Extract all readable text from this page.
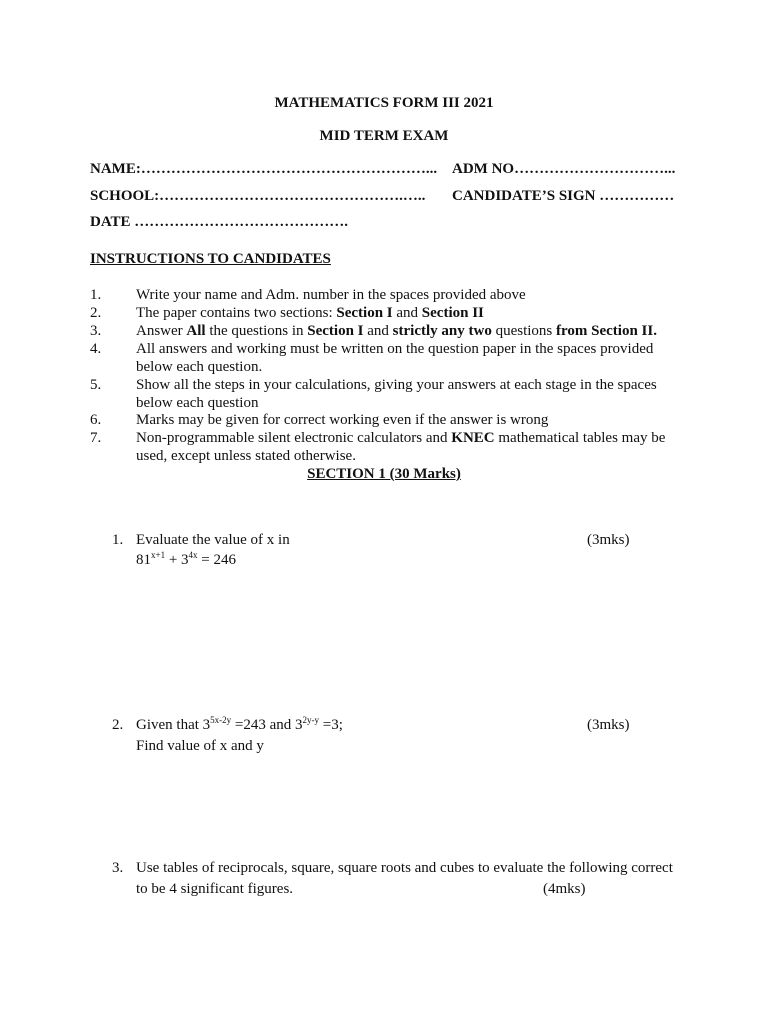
MATHEMATICS FORM III 2021
MID TERM EXAM
NAME:…………………………………………………... ADM NO…………………………...
SCHOOL:………………………………………….….. CANDIDATE’S SIGN ……………
DATE …………………………………….
INSTRUCTIONS TO CANDIDATES
1. Write your name and Adm. number in the spaces provided above
2. The paper contains two sections: Section I and Section II
3. Answer All the questions in Section I and strictly any two questions from Section II.
4. All answers and working must be written on the question paper in the spaces provided below each question.
5. Show all the steps in your calculations, giving your answers at each stage in the spaces below each question
6. Marks may be given for correct working even if the answer is wrong
7. Non-programmable silent electronic calculators and KNEC mathematical tables may be used, except unless stated otherwise.
SECTION 1 (30 Marks)
1. Evaluate the value of x in	(3mks)
$81^{x+1} + 3^{4x} = 246$
2. Given that $3^{5x-2y} =243$ and $3^{2y-y} =3$;	(3mks)
Find value of x and y
3. Use tables of reciprocals, square, square roots and cubes to evaluate the following correct
to be 4 significant figures.	(4mks)
